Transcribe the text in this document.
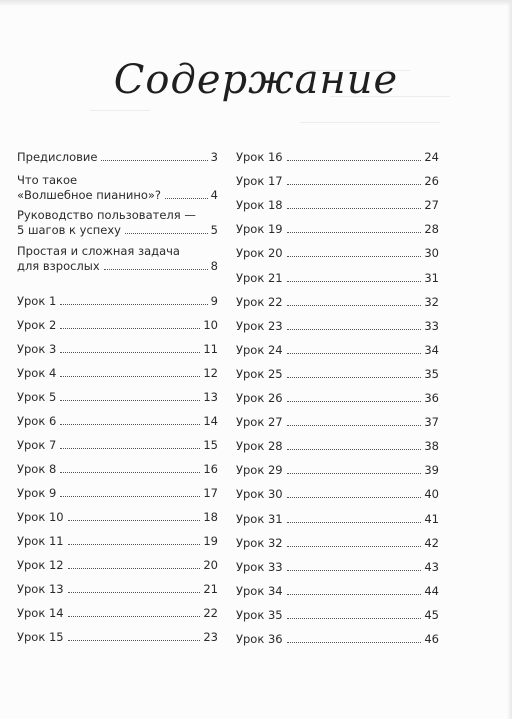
Содержание
Предисловие	3
Что такое
«Волшебное пианино»?	4
Руководство пользователя —
5 шагов к успеху	5
Простая и сложная задача
для взрослых	8
Урок 1	9
Урок 2	10
Урок 3	11
Урок 4	12
Урок 5	13
Урок 6	14
Урок 7	15
Урок 8	16
Урок 9	17
Урок 10	18
Урок 11	19
Урок 12	20
Урок 13	21
Урок 14	22
Урок 15	23
Урок 16	24
Урок 17	26
Урок 18	27
Урок 19	28
Урок 20	30
Урок 21	31
Урок 22	32
Урок 23	33
Урок 24	34
Урок 25	35
Урок 26	36
Урок 27	37
Урок 28	38
Урок 29	39
Урок 30	40
Урок 31	41
Урок 32	42
Урок 33	43
Урок 34	44
Урок 35	45
Урок 36	46
